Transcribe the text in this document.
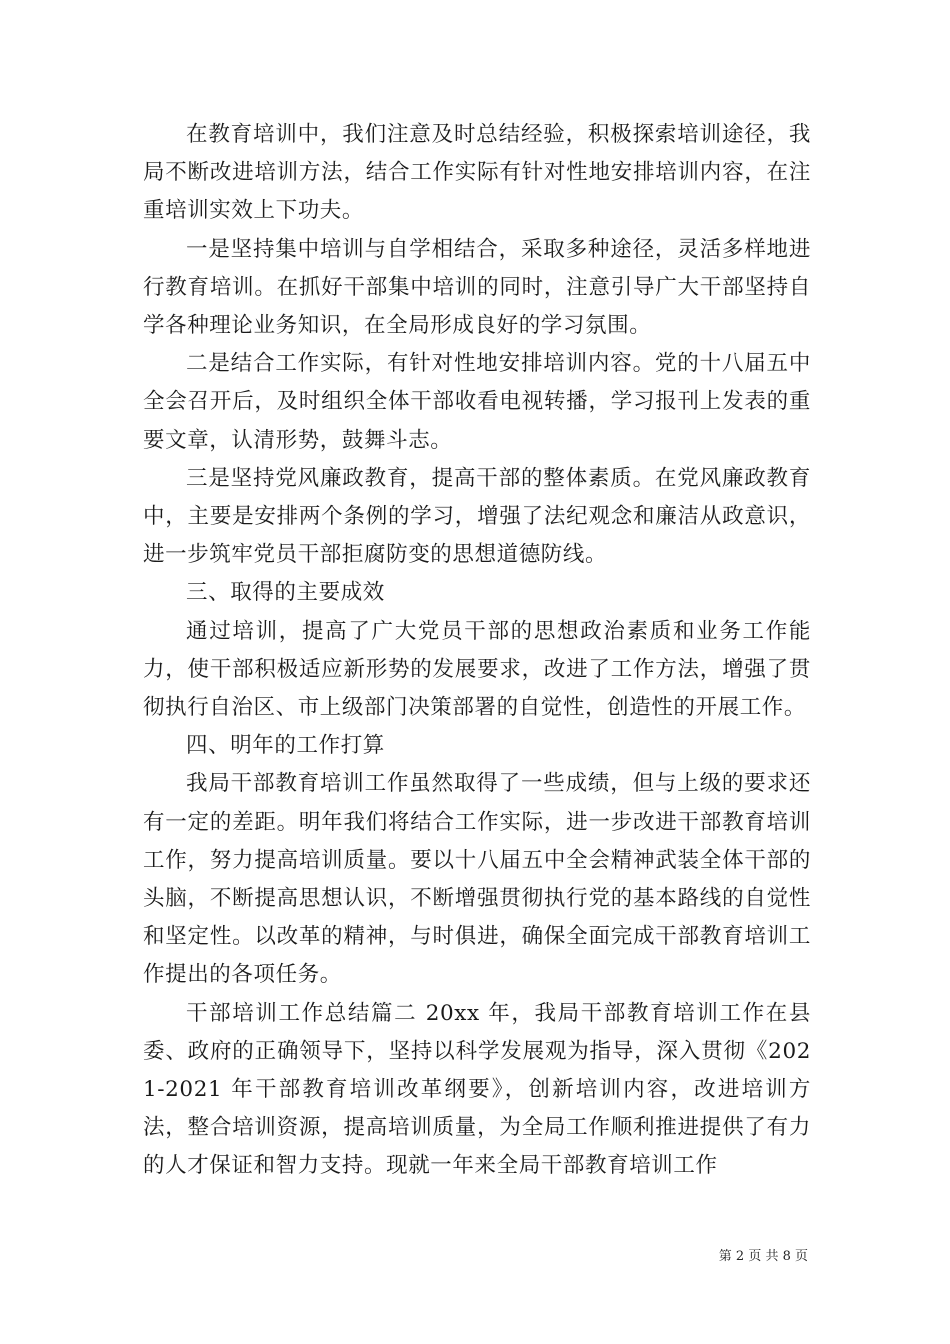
在教育培训中，我们注意及时总结经验，积极探索培训途径，我局不断改进培训方法，结合工作实际有针对性地安排培训内容，在注重培训实效上下功夫。

一是坚持集中培训与自学相结合，采取多种途径，灵活多样地进行教育培训。在抓好干部集中培训的同时，注意引导广大干部坚持自学各种理论业务知识，在全局形成良好的学习氛围。

二是结合工作实际，有针对性地安排培训内容。党的十八届五中全会召开后，及时组织全体干部收看电视转播，学习报刊上发表的重要文章，认清形势，鼓舞斗志。

三是坚持党风廉政教育，提高干部的整体素质。在党风廉政教育中，主要是安排两个条例的学习，增强了法纪观念和廉洁从政意识，进一步筑牢党员干部拒腐防变的思想道德防线。

三、取得的主要成效

通过培训，提高了广大党员干部的思想政治素质和业务工作能力，使干部积极适应新形势的发展要求，改进了工作方法，增强了贯彻执行自治区、市上级部门决策部署的自觉性，创造性的开展工作。

四、明年的工作打算

我局干部教育培训工作虽然取得了一些成绩，但与上级的要求还有一定的差距。明年我们将结合工作实际，进一步改进干部教育培训工作，努力提高培训质量。要以十八届五中全会精神武装全体干部的头脑，不断提高思想认识，不断增强贯彻执行党的基本路线的自觉性和坚定性。以改革的精神，与时俱进，确保全面完成干部教育培训工作提出的各项任务。

干部培训工作总结篇二 20xx 年，我局干部教育培训工作在县委、政府的正确领导下，坚持以科学发展观为指导，深入贯彻《2021-2021 年干部教育培训改革纲要》，创新培训内容，改进培训方法，整合培训资源，提高培训质量，为全局工作顺利推进提供了有力的人才保证和智力支持。现就一年来全局干部教育培训工作

第 2 页 共 8 页
